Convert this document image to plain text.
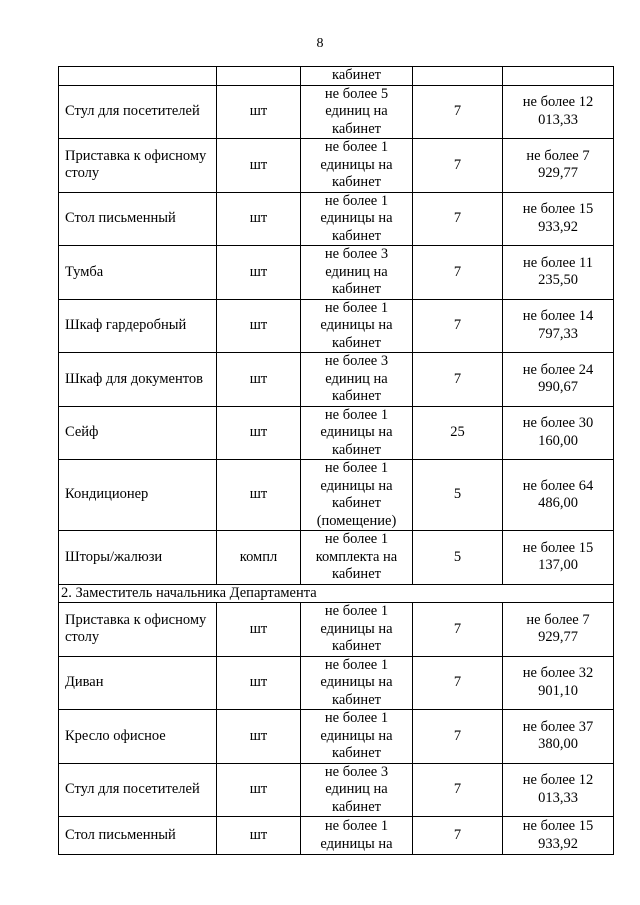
8
		кабинет		
Стул для посетителей	шт	не более 5 единиц на кабинет	7	не более 12 013,33
Приставка к офисному столу	шт	не более 1 единицы на кабинет	7	не более 7 929,77
Стол письменный	шт	не более 1 единицы на кабинет	7	не более 15 933,92
Тумба	шт	не более 3 единиц на кабинет	7	не более 11 235,50
Шкаф гардеробный	шт	не более 1 единицы на кабинет	7	не более 14 797,33
Шкаф для документов	шт	не более 3 единиц на кабинет	7	не более 24 990,67
Сейф	шт	не более 1 единицы на кабинет	25	не более 30 160,00
Кондиционер	шт	не более 1 единицы на кабинет (помещение)	5	не более 64 486,00
Шторы/жалюзи	компл	не более 1 комплекта на кабинет	5	не более 15 137,00
2. Заместитель начальника Департамента				
Приставка к офисному столу	шт	не более 1 единицы на кабинет	7	не более 7 929,77
Диван	шт	не более 1 единицы на кабинет	7	не более 32 901,10
Кресло офисное	шт	не более 1 единицы на кабинет	7	не более 37 380,00
Стул для посетителей	шт	не более 3 единиц на кабинет	7	не более 12 013,33
Стол письменный	шт	не более 1 единицы на	7	не более 15 933,92
